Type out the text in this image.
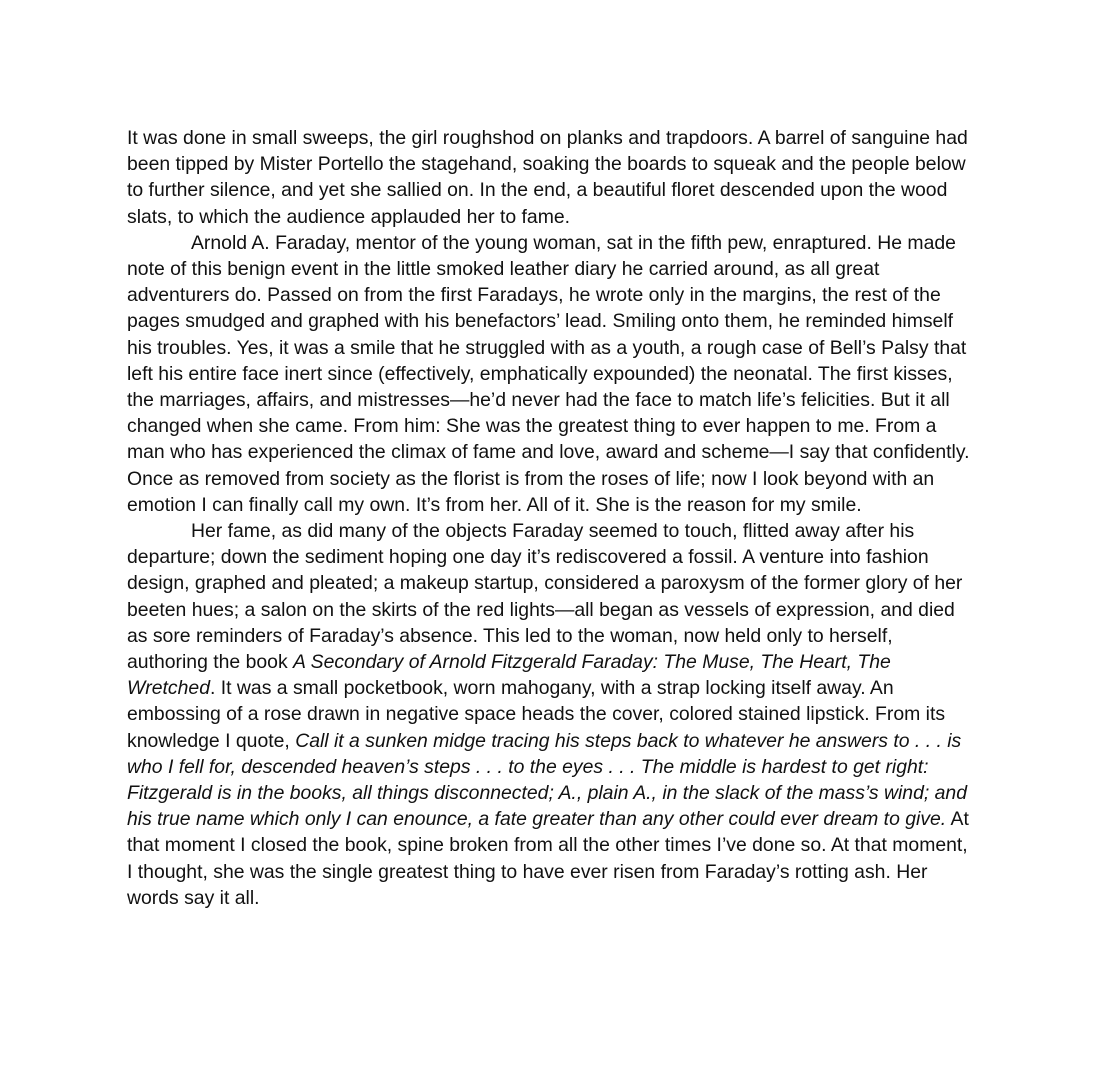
It was done in small sweeps, the girl roughshod on planks and trapdoors. A barrel of sanguine had been tipped by Mister Portello the stagehand, soaking the boards to squeak and the people below to further silence, and yet she sallied on. In the end, a beautiful floret descended upon the wood slats, to which the audience applauded her to fame.

Arnold A. Faraday, mentor of the young woman, sat in the fifth pew, enraptured. He made note of this benign event in the little smoked leather diary he carried around, as all great adventurers do. Passed on from the first Faradays, he wrote only in the margins, the rest of the pages smudged and graphed with his benefactors’ lead. Smiling onto them, he reminded himself his troubles. Yes, it was a smile that he struggled with as a youth, a rough case of Bell’s Palsy that left his entire face inert since (effectively, emphatically expounded) the neonatal. The first kisses, the marriages, affairs, and mistresses—he’d never had the face to match life’s felicities. But it all changed when she came. From him: She was the greatest thing to ever happen to me. From a man who has experienced the climax of fame and love, award and scheme—I say that confidently. Once as removed from society as the florist is from the roses of life; now I look beyond with an emotion I can finally call my own. It’s from her. All of it. She is the reason for my smile.

Her fame, as did many of the objects Faraday seemed to touch, flitted away after his departure; down the sediment hoping one day it’s rediscovered a fossil. A venture into fashion design, graphed and pleated; a makeup startup, considered a paroxysm of the former glory of her beeten hues; a salon on the skirts of the red lights—all began as vessels of expression, and died as sore reminders of Faraday’s absence. This led to the woman, now held only to herself, authoring the book A Secondary of Arnold Fitzgerald Faraday: The Muse, The Heart, The Wretched. It was a small pocketbook, worn mahogany, with a strap locking itself away. An embossing of a rose drawn in negative space heads the cover, colored stained lipstick. From its knowledge I quote, Call it a sunken midge tracing his steps back to whatever he answers to . . . is who I fell for, descended heaven’s steps . . . to the eyes . . . The middle is hardest to get right: Fitzgerald is in the books, all things disconnected; A., plain A., in the slack of the mass’s wind; and his true name which only I can enounce, a fate greater than any other could ever dream to give. At that moment I closed the book, spine broken from all the other times I’ve done so. At that moment, I thought, she was the single greatest thing to have ever risen from Faraday’s rotting ash. Her words say it all.
